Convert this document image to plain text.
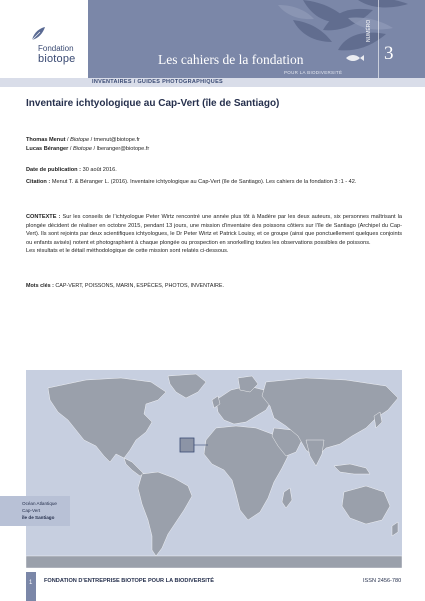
Fondation
biotope	Les cahiers de la fondation
POUR LA BIODIVERSITÉ
NUMÉRO
3
INVENTAIRES / GUIDES PHOTOGRAPHIQUES
Inventaire ichtyologique au Cap-Vert (île de Santiago)
Thomas Menut / Biotope / tmenut@biotope.fr
Lucas Béranger / Biotope / lberanger@biotope.fr
Date de publication : 30 août 2016.
Citation : Menut T. & Béranger L. (2016). Inventaire ichtyologique au Cap-Vert (île de Santiago). Les cahiers de la fondation 3 :1 - 42.

CONTEXTE : Sur les conseils de l’ichtyologue Peter Wirtz rencontré une année plus tôt à Madère par les deux auteurs, six personnes maîtrisant la plongée décident de réaliser en octobre 2015, pendant 13 jours, une mission d’inventaire des poissons côtiers sur l’île de Santiago (Archipel du Cap-Vert). Ils sont rejoints par deux scientifiques ichtyologues, le Dr Peter Wirtz et Patrick Louisy, et ce groupe (ainsi que ponctuellement quelques conjoints ou enfants avisés) notent et photographient à chaque plongée ou prospection en snorkelling toutes les observations possibles de poissons.

Les résultats et le détail méthodologique de cette mission sont relatés ci-dessous.

Mots clés : CAP-VERT, POISSONS, MARIN, ESPÈCES, PHOTOS, INVENTAIRE.
Océan Atlantique
Cap-Vert
île de Santiago
1 FONDATION D’ENTREPRISE BIOTOPE POUR LA BIODIVERSITÉ	ISSN 2456-780
